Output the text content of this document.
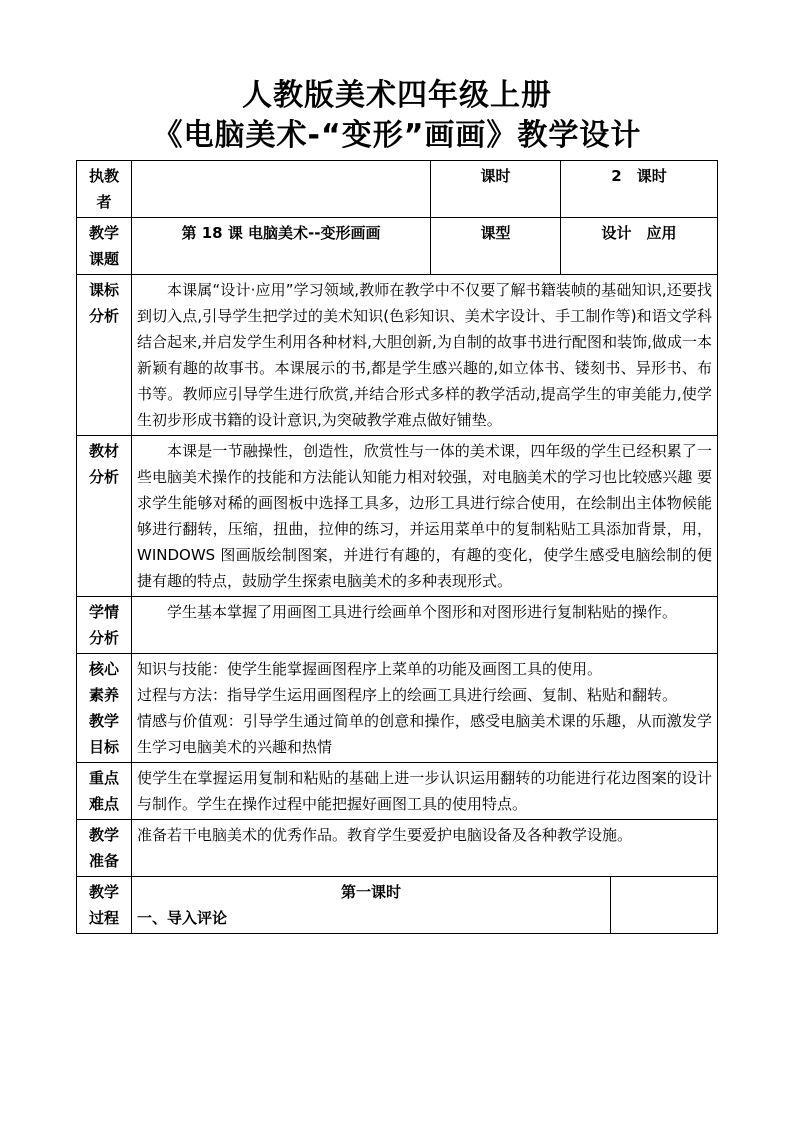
人教版美术四年级上册
《电脑美术-“变形”画画》教学设计
执教者		课时	2　课时	
教学课题	第 18 课 电脑美术--变形画画	课型	设计　应用	
课标分析	本课属“设计·应用”学习领域,教师在教学中不仅要了解书籍装帧的基础知识,还要找到切入点,引导学生把学过的美术知识(色彩知识、美术字设计、手工制作等)和语文学科结合起来,并启发学生利用各种材料,大胆创新,为自制的故事书进行配图和装饰,做成一本新颖有趣的故事书。本课展示的书,都是学生感兴趣的,如立体书、镂刻书、异形书、布书等。教师应引导学生进行欣赏,并结合形式多样的教学活动,提高学生的审美能力,使学生初步形成书籍的设计意识,为突破教学难点做好铺垫。			

教材分析	本课是一节融操性，创造性，欣赏性与一体的美术课，四年级的学生已经积累了一些电脑美术操作的技能和方法能认知能力相对较强，对电脑美术的学习也比较感兴趣 要求学生能够对稀的画图板中选择工具多，边形工具进行综合使用，在绘制出主体物候能够进行翻转，压缩，扭曲，拉伸的练习，并运用菜单中的复制粘贴工具添加背景，用，WINDOWS 图画版绘制图案，并进行有趣的，有趣的变化，使学生感受电脑绘制的便捷有趣的特点，鼓励学生探索电脑美术的多种表现形式。			

学情分析	学生基本掌握了用画图工具进行绘画单个图形和对图形进行复制粘贴的操作。			

核心素养教学目标	知识与技能：使学生能掌握画图程序上菜单的功能及画图工具的使用。

过程与方法：指导学生运用画图程序上的绘画工具进行绘画、复制、粘贴和翻转。

情感与价值观：引导学生通过简单的创意和操作，感受电脑美术课的乐趣，从而激发学生学习电脑美术的兴趣和热情			

重点难点	使学生在掌握运用复制和粘贴的基础上进一步认识运用翻转的功能进行花边图案的设计与制作。学生在操作过程中能把握好画图工具的使用特点。			

教学准备	准备若干电脑美术的优秀作品。教育学生要爱护电脑设备及各种教学设施。			

教学过程	第一课时
一、导入评论			
